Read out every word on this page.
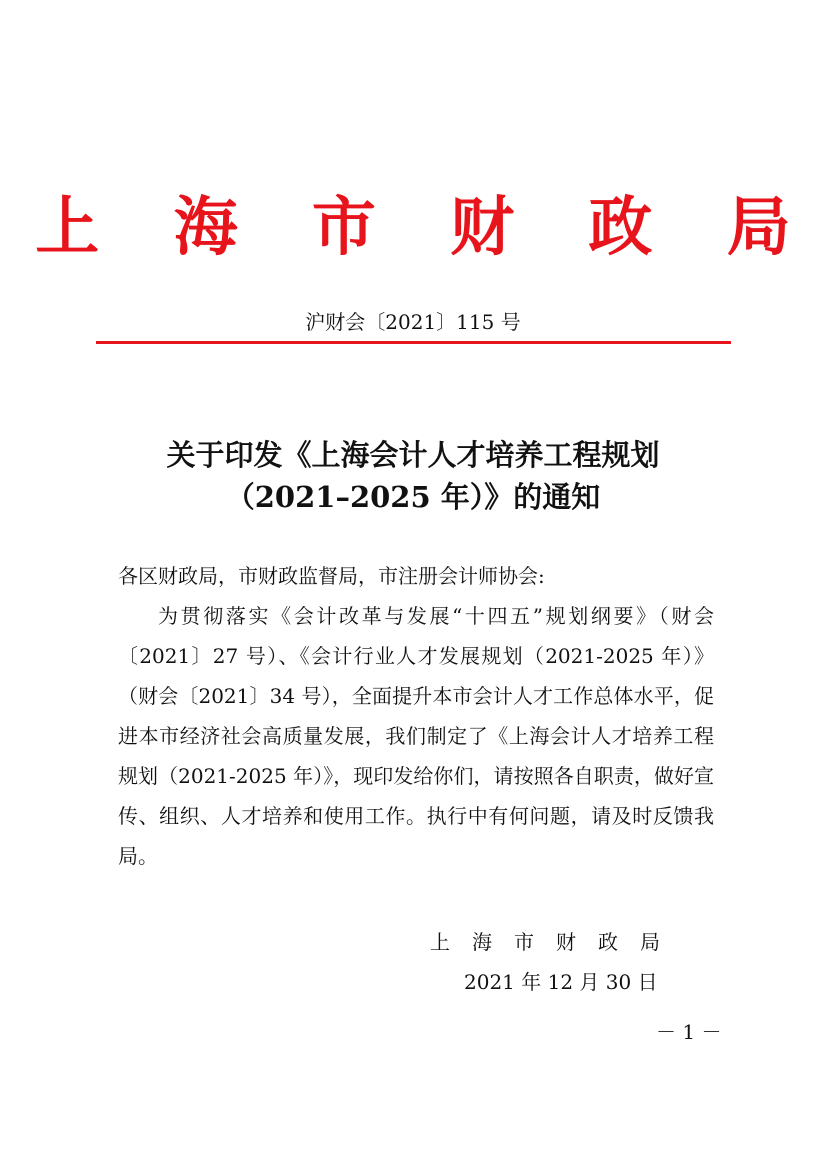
上 海 市 财 政 局
沪财会〔2021〕115 号
关于印发《上海会计人才培养工程规划
（2021–2025 年）》的通知
各区财政局，市财政监督局，市注册会计师协会:
为贯彻落实《会计改革与发展“十四五”规划纲要》（财会〔2021〕27 号）、《会计行业人才发展规划（2021-2025 年）》（财会〔2021〕34 号），全面提升本市会计人才工作总体水平，促进本市经济社会高质量发展，我们制定了《上海会计人才培养工程规划（2021-2025 年）》，现印发给你们，请按照各自职责，做好宣传、组织、人才培养和使用工作。执行中有何问题，请及时反馈我局。
上海市财政局
2021 年 12 月 30 日
－ 1 －
